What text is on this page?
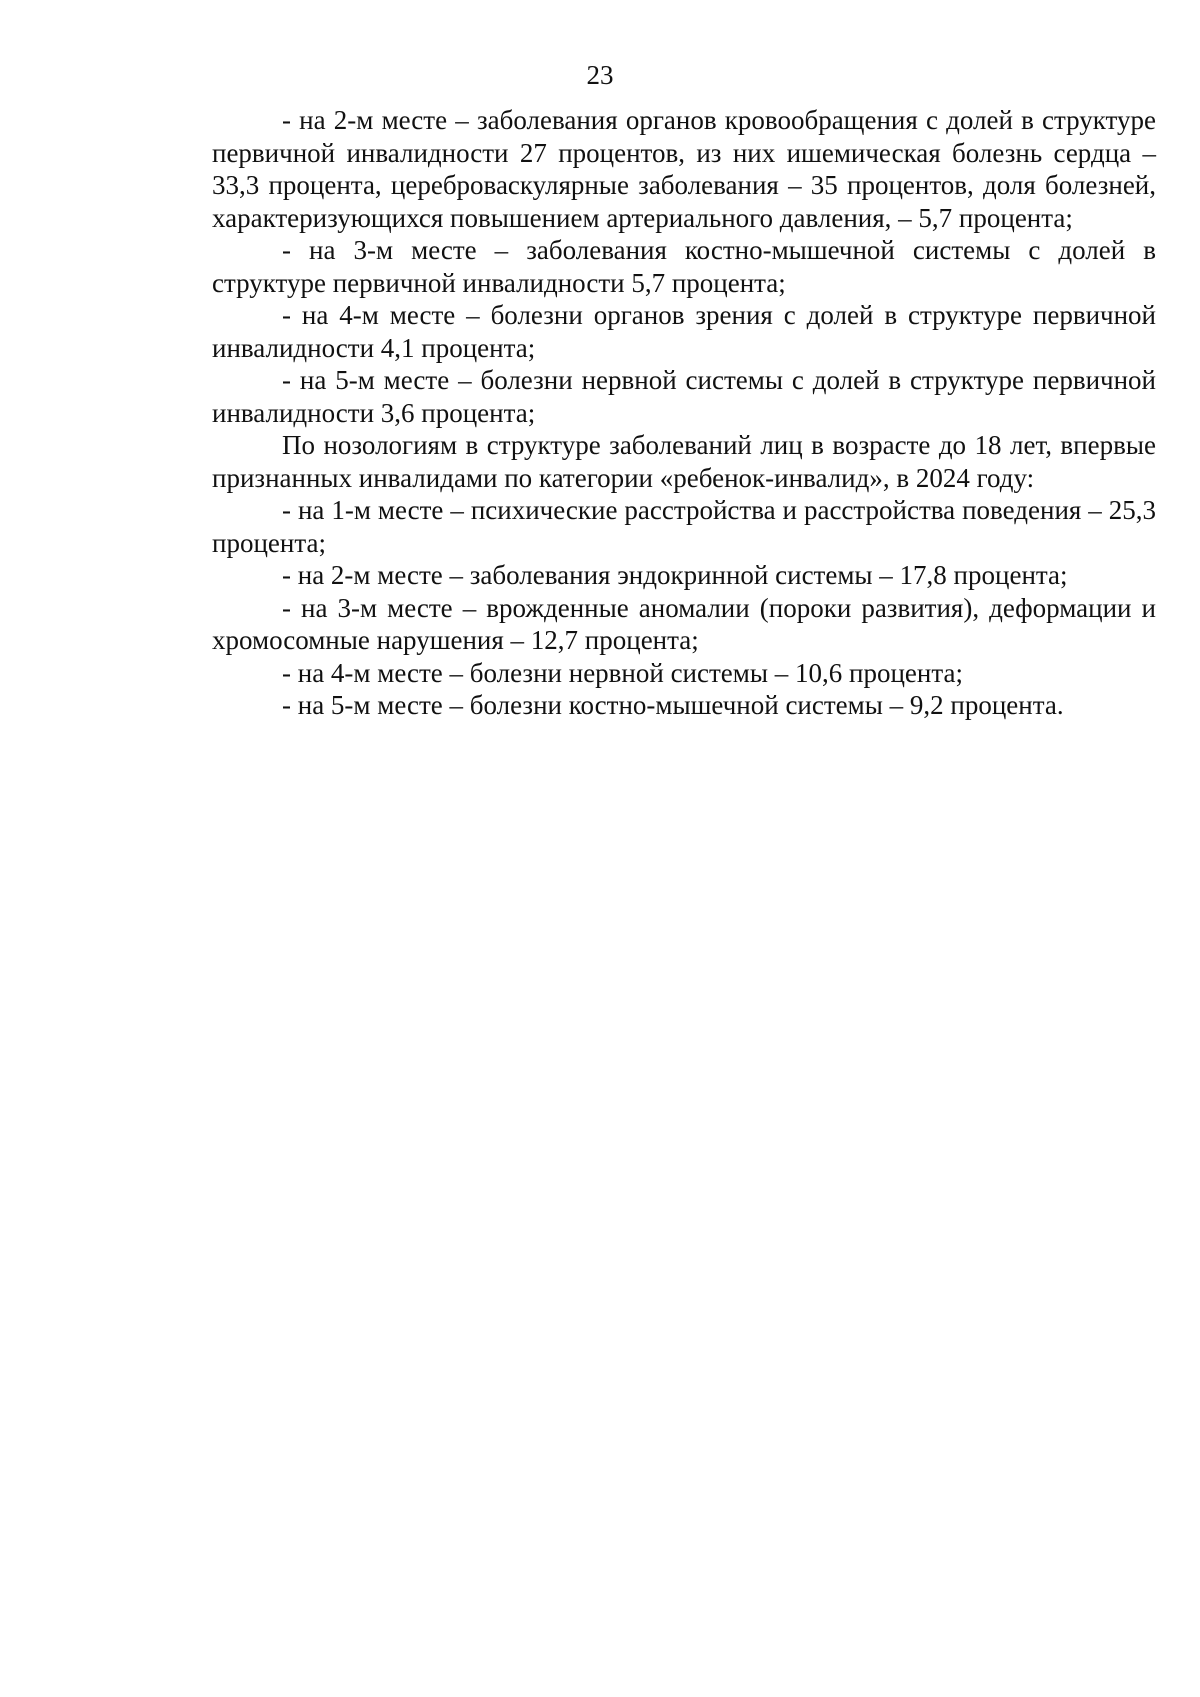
23

- на 2-м месте – заболевания органов кровообращения с долей в структуре первичной инвалидности 27 процентов, из них ишемическая болезнь сердца – 33,3 процента, цереброваскулярные заболевания – 35 процентов, доля болезней, характеризующихся повышением артериального давления, – 5,7 процента;

- на 3-м месте – заболевания костно-мышечной системы с долей в структуре первичной инвалидности 5,7 процента;

- на 4-м месте – болезни органов зрения с долей в структуре первичной инвалидности 4,1 процента;

- на 5-м месте – болезни нервной системы с долей в структуре первичной инвалидности 3,6 процента;

По нозологиям в структуре заболеваний лиц в возрасте до 18 лет, впервые признанных инвалидами по категории «ребенок-инвалид», в 2024 году:

- на 1-м месте – психические расстройства и расстройства поведения – 25,3 процента;

- на 2-м месте – заболевания эндокринной системы – 17,8 процента;

- на 3-м месте – врожденные аномалии (пороки развития), деформации и хромосомные нарушения – 12,7 процента;

- на 4-м месте – болезни нервной системы – 10,6 процента;

- на 5-м месте – болезни костно-мышечной системы – 9,2 процента.
